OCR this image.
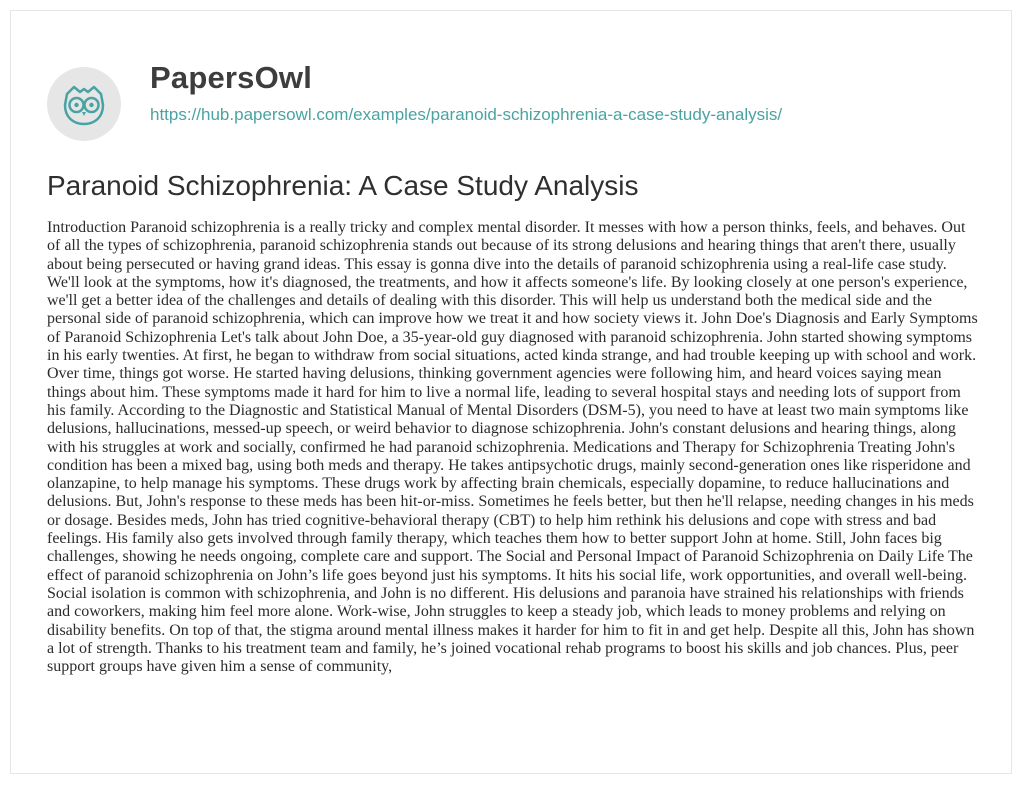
PapersOwl
https://hub.papersowl.com/examples/paranoid-schizophrenia-a-case-study-analysis/
Paranoid Schizophrenia: A Case Study Analysis

Introduction Paranoid schizophrenia is a really tricky and complex mental disorder. It messes with how a person thinks, feels, and behaves. Out of all the types of schizophrenia, paranoid schizophrenia stands out because of its strong delusions and hearing things that aren't there, usually about being persecuted or having grand ideas. This essay is gonna dive into the details of paranoid schizophrenia using a real-life case study. We'll look at the symptoms, how it's diagnosed, the treatments, and how it affects someone's life. By looking closely at one person's experience, we'll get a better idea of the challenges and details of dealing with this disorder. This will help us understand both the medical side and the personal side of paranoid schizophrenia, which can improve how we treat it and how society views it. John Doe's Diagnosis and Early Symptoms of Paranoid Schizophrenia Let's talk about John Doe, a 35-year-old guy diagnosed with paranoid schizophrenia. John started showing symptoms in his early twenties. At first, he began to withdraw from social situations, acted kinda strange, and had trouble keeping up with school and work. Over time, things got worse. He started having delusions, thinking government agencies were following him, and heard voices saying mean things about him. These symptoms made it hard for him to live a normal life, leading to several hospital stays and needing lots of support from his family. According to the Diagnostic and Statistical Manual of Mental Disorders (DSM-5), you need to have at least two main symptoms like delusions, hallucinations, messed-up speech, or weird behavior to diagnose schizophrenia. John's constant delusions and hearing things, along with his struggles at work and socially, confirmed he had paranoid schizophrenia. Medications and Therapy for Schizophrenia Treating John's condition has been a mixed bag, using both meds and therapy. He takes antipsychotic drugs, mainly second-generation ones like risperidone and olanzapine, to help manage his symptoms. These drugs work by affecting brain chemicals, especially dopamine, to reduce hallucinations and delusions. But, John's response to these meds has been hit-or-miss. Sometimes he feels better, but then he'll relapse, needing changes in his meds or dosage. Besides meds, John has tried cognitive-behavioral therapy (CBT) to help him rethink his delusions and cope with stress and bad feelings. His family also gets involved through family therapy, which teaches them how to better support John at home. Still, John faces big challenges, showing he needs ongoing, complete care and support. The Social and Personal Impact of Paranoid Schizophrenia on Daily Life The effect of paranoid schizophrenia on John’s life goes beyond just his symptoms. It hits his social life, work opportunities, and overall well-being. Social isolation is common with schizophrenia, and John is no different. His delusions and paranoia have strained his relationships with friends and coworkers, making him feel more alone. Work-wise, John struggles to keep a steady job, which leads to money problems and relying on disability benefits. On top of that, the stigma around mental illness makes it harder for him to fit in and get help. Despite all this, John has shown a lot of strength. Thanks to his treatment team and family, he’s joined vocational rehab programs to boost his skills and job chances. Plus, peer support groups have given him a sense of community,
